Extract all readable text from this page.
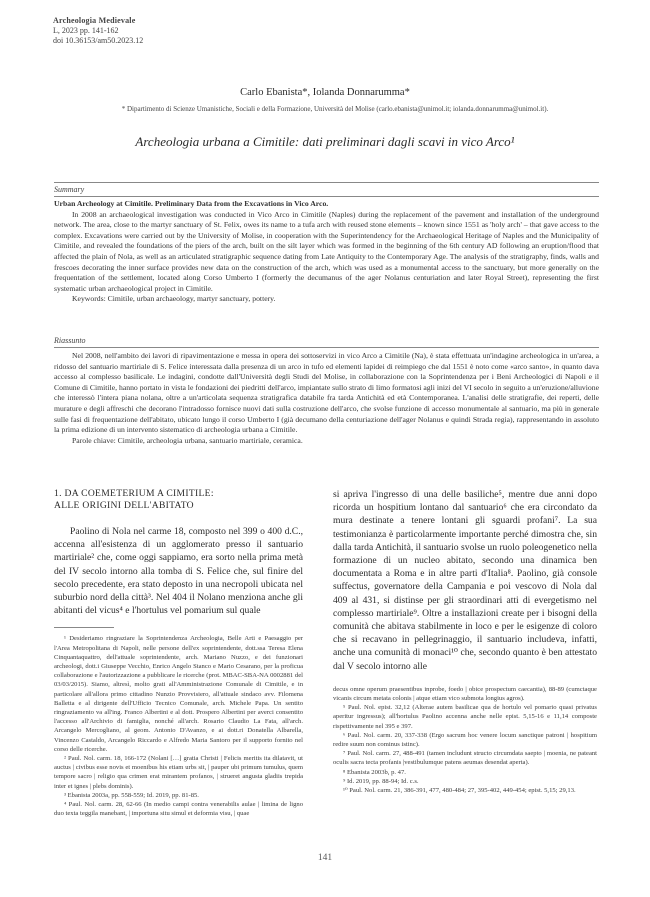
Archeologia Medievale
L, 2023 pp. 141-162
doi 10.36153/am50.2023.12
Carlo Ebanista*, Iolanda Donnarumma*
* Dipartimento di Scienze Umanistiche, Sociali e della Formazione, Università del Molise (carlo.ebanista@unimol.it; iolanda.donnarumma@unimol.it).
Archeologia urbana a Cimitile: dati preliminari dagli scavi in vico Arco¹
Summary

Urban Archeology at Cimitile. Preliminary Data from the Excavations in Vico Arco.

In 2008 an archaeological investigation was conducted in Vico Arco in Cimitile (Naples) during the replacement of the pavement and installation of the underground network. The area, close to the martyr sanctuary of St. Felix, owes its name to a tufa arch with reused stone elements – known since 1551 as 'holy arch' – that gave access to the complex. Excavations were carried out by the University of Molise, in cooperation with the Superintendency for the Archaeological Heritage of Naples and the Municipality of Cimitile, and revealed the foundations of the piers of the arch, built on the silt layer which was formed in the beginning of the 6th century AD following an eruption/flood that affected the plain of Nola, as well as an articulated stratigraphic sequence dating from Late Antiquity to the Contemporary Age. The analysis of the stratigraphy, finds, walls and frescoes decorating the inner surface provides new data on the construction of the arch, which was used as a monumental access to the sanctuary, but more generally on the frequentation of the settlement, located along Corso Umberto I (formerly the decumanus of the ager Nolanus centuriation and later Royal Street), representing the first systematic urban archaeological project in Cimitile.

Keywords: Cimitile, urban archaeology, martyr sanctuary, pottery.

Riassunto

Nel 2008, nell'ambito dei lavori di ripavimentazione e messa in opera dei sottoservizi in vico Arco a Cimitile (Na), è stata effettuata un'indagine archeologica in un'area, a ridosso del santuario martiriale di S. Felice interessata dalla presenza di un arco in tufo ed elementi lapidei di reimpiego che dal 1551 è noto come «arco santo», in quanto dava accesso al complesso basilicale. Le indagini, condotte dall'Università degli Studi del Molise, in collaborazione con la Soprintendenza per i Beni Archeologici di Napoli e il Comune di Cimitile, hanno portato in vista le fondazioni dei piedritti dell'arco, impiantate sullo strato di limo formatosi agli inizi del VI secolo in seguito a un'eruzione/alluvione che interessò l'intera piana nolana, oltre a un'articolata sequenza stratigrafica databile fra tarda Antichità ed età Contemporanea. L'analisi delle stratigrafie, dei reperti, delle murature e degli affreschi che decorano l'intradosso fornisce nuovi dati sulla costruzione dell'arco, che svolse funzione di accesso monumentale al santuario, ma più in generale sulle fasi di frequentazione dell'abitato, ubicato lungo il corso Umberto I (già decumano della centuriazione dell'ager Nolanus e quindi Strada regia), rappresentando in assoluto la prima edizione di un intervento sistematico di archeologia urbana a Cimitile.

Parole chiave: Cimitile, archeologia urbana, santuario martiriale, ceramica.

1. DA COEMETERIUM A CIMITILE:
ALLE ORIGINI DELL'ABITATO

Paolino di Nola nel carme 18, composto nel 399 o 400 d.C., accenna all'esistenza di un agglomerato presso il santuario martiriale² che, come oggi sappiamo, era sorto nella prima metà del IV secolo intorno alla tomba di S. Felice che, sul finire del secolo precedente, era stato deposto in una necropoli ubicata nel suburbio nord della città³. Nel 404 il Nolano menziona anche gli abitanti del vicus⁴ e l'hortulus vel pomarium sul quale

¹ Desideriamo ringraziare la Soprintendenza Archeologia, Belle Arti e Paesaggio per l'Area Metropolitana di Napoli, nelle persone dell'ex soprintendente, dott.ssa Teresa Elena Cinquantaquattro, dell'attuale soprintendente, arch. Mariano Nuzzo, e dei funzionari archeologi, dott.i Giuseppe Vecchio, Enrico Angelo Stanco e Mario Cesarano, per la proficua collaborazione e l'autorizzazione a pubblicare le ricerche (prot. MBAC-SBA-NA 0002881 del 03/03/2015). Siamo, altresì, molto grati all'Amministrazione Comunale di Cimitile, e in particolare all'allora primo cittadino Nunzio Provvisiero, all'attuale sindaco avv. Filomena Balletta e al dirigente dell'Ufficio Tecnico Comunale, arch. Michele Papa. Un sentito ringraziamento va all'ing. Franco Albertini e al dott. Prospero Albertini per averci consentito l'accesso all'Archivio di famiglia, nonché all'arch. Rosario Claudio La Fata, all'arch. Arcangelo Mercogliano, al geom. Antonio D'Avanzo, e ai dott.ri Donatella Albarella, Vincenzo Castaldo, Arcangelo Riccardo e Alfredo Maria Santoro per il supporto fornito nel corso delle ricerche.

² Paul. Nol. carm. 18, 166-172 (Nolani […] gratia Christi | Felicis meritis ita dilatavit, ut auctus | civibus esse novis et moenibus his etiam urbs sit, | pauper ubi primum tumulus, quem tempore sacro | religio qua crimen erat mirantem profanos, | strueret angusta gladiis trepida inter et ignes | plebs dominis).

³ Ebanista 2003a, pp. 558-559; Id. 2019, pp. 81-85.

⁴ Paul. Nol. carm. 28, 62-66 (In medio campi contra venerabilis aulae | limina de ligno duo texta teggila manebant, | importuna situ simul et deformia visu, | quae

si apriva l'ingresso di una delle basiliche⁵, mentre due anni dopo ricorda un hospitium lontano dal santuario⁶ che era circondato da mura destinate a tenere lontani gli sguardi profani⁷. La sua testimonianza è particolarmente importante perché dimostra che, sin dalla tarda Antichità, il santuario svolse un ruolo poleogenetico nella formazione di un nucleo abitato, secondo una dinamica ben documentata a Roma e in altre parti d'Italia⁸. Paolino, già console suffectus, governatore della Campania e poi vescovo di Nola dal 409 al 431, si distinse per gli straordinari atti di evergetismo nel complesso martiriale⁹. Oltre a installazioni create per i bisogni della comunità che abitava stabilmente in loco e per le esigenze di coloro che si recavano in pellegrinaggio, il santuario includeva, infatti, anche una comunità di monaci¹⁰ che, secondo quanto è ben attestato dal V secolo intorno alle

decus omne operum praesentibus inprobe, foedo | obice prospectum caecantia), 88-89 (cumctaque vicanis circum metata colonis | atque etiam vico submota longius agros).

⁵ Paul. Nol. epist. 32,12 (Alterae autem basilicae qua de hortulo vel pomario quasi privatus aperitur ingressus); all'hortulus Paolino accenna anche nelle epist. 5,15-16 e 11,14 composte rispettivamente nel 395 e 397.

⁶ Paul. Nol. carm. 20, 337-338 (Ergo sacrum hoc venere locum sanctique patroni | hospitium redire suum non cominus istinc).

⁷ Paul. Nol. carm. 27, 488-491 (tamen includunt structo circumdata saepto | moenia, ne pateant oculis sacra tecta profanis |vestibulumque patens aeumas desendat aperta).

⁸ Ebanista 2003b, p. 47.

⁹ Id. 2019, pp. 88-94; Id. c.s.

¹⁰ Paul. Nol. carm. 21, 386-391, 477, 480-484; 27, 395-402, 449-454; epist. 5,15; 29,13.

141
